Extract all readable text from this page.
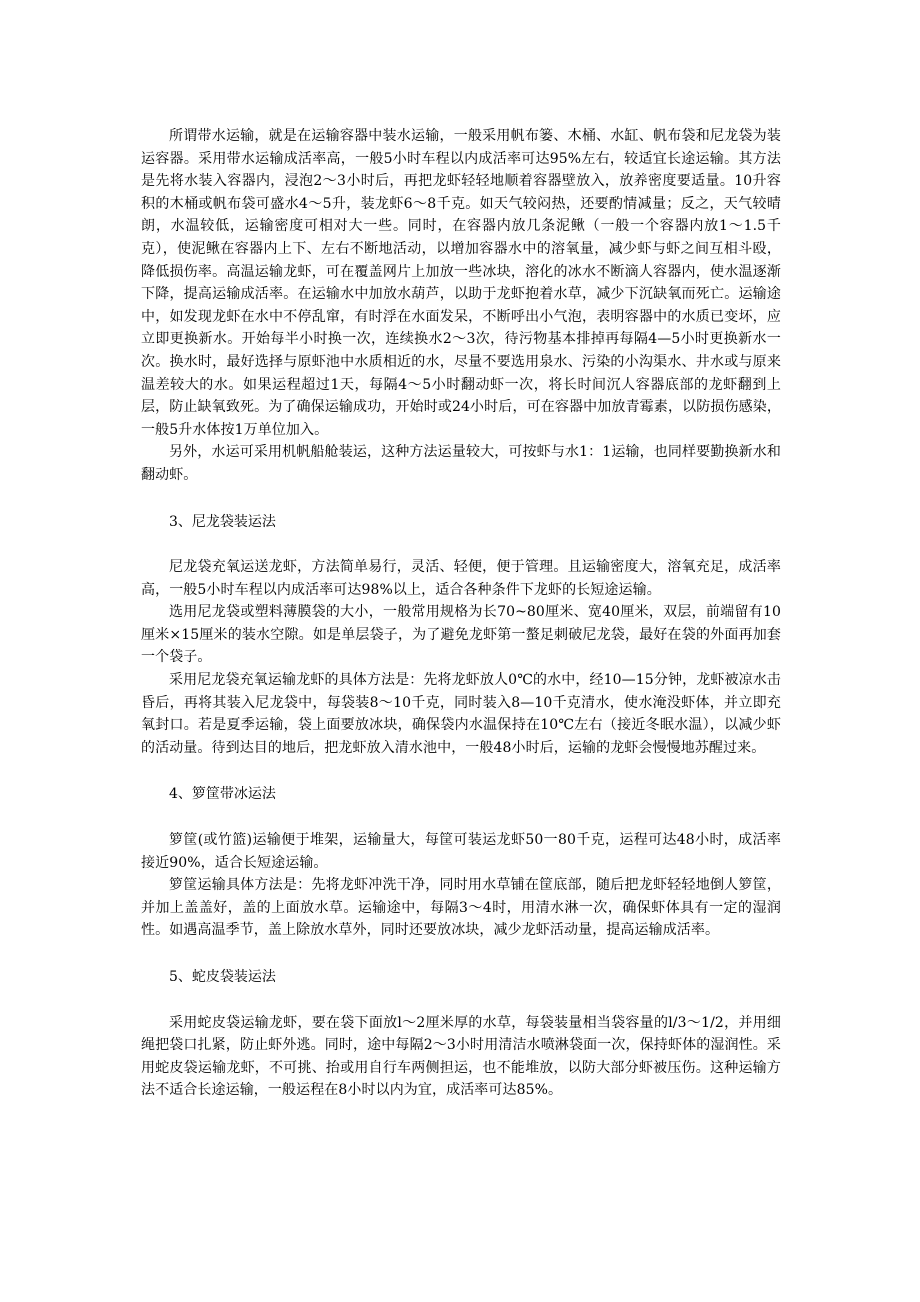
所谓带水运输，就是在运输容器中装水运输，一般采用帆布篓、木桶、水缸、帆布袋和尼龙袋为装运容器。采用带水运输成活率高，一般5小时车程以内成活率可达95%左右，较适宜长途运输。其方法是先将水装入容器内，浸泡2～3小时后，再把龙虾轻轻地顺着容器壁放入，放养密度要适量。10升容积的木桶或帆布袋可盛水4～5升，装龙虾6～8千克。如天气较闷热，还要酌情减量；反之，天气较晴朗，水温较低，运输密度可相对大一些。同时，在容器内放几条泥鳅（一般一个容器内放1～1.5千克），使泥鳅在容器内上下、左右不断地活动，以增加容器水中的溶氧量，减少虾与虾之间互相斗殴，降低损伤率。高温运输龙虾，可在覆盖网片上加放一些冰块，溶化的冰水不断滴人容器内，使水温逐渐下降，提高运输成活率。在运输水中加放水葫芦，以助于龙虾抱着水草，减少下沉缺氧而死亡。运输途中，如发现龙虾在水中不停乱窜，有时浮在水面发呆，不断呼出小气泡，表明容器中的水质已变坏，应立即更换新水。开始每半小时换一次，连续换水2～3次，待污物基本排掉再每隔4—5小时更换新水一次。换水时，最好选择与原虾池中水质相近的水，尽量不要选用泉水、污染的小沟渠水、井水或与原来温差较大的水。如果运程超过1天，每隔4～5小时翻动虾一次，将长时间沉人容器底部的龙虾翻到上层，防止缺氧致死。为了确保运输成功，开始时或24小时后，可在容器中加放青霉素，以防损伤感染，一般5升水体按1万单位加入。

另外，水运可采用机帆船舱装运，这种方法运量较大，可按虾与水1：1运输，也同样要勤换新水和翻动虾。

3、尼龙袋装运法

尼龙袋充氧运送龙虾，方法简单易行，灵活、轻便，便于管理。且运输密度大，溶氧充足，成活率高，一般5小时车程以内成活率可达98%以上，适合各种条件下龙虾的长短途运输。

选用尼龙袋或塑料薄膜袋的大小，一般常用规格为长70~80厘米、宽40厘米，双层，前端留有10厘米×15厘米的装水空隙。如是单层袋子，为了避免龙虾第一螯足刺破尼龙袋，最好在袋的外面再加套一个袋子。

采用尼龙袋充氧运输龙虾的具体方法是：先将龙虾放人0℃的水中，经10—15分钟，龙虾被凉水击昏后，再将其装入尼龙袋中，每袋装8～10千克，同时装入8—10千克清水，使水淹没虾体，并立即充氧封口。若是夏季运输，袋上面要放冰块，确保袋内水温保持在10℃左右（接近冬眠水温），以减少虾的活动量。待到达目的地后，把龙虾放入清水池中，一般48小时后，运输的龙虾会慢慢地苏醒过来。

4、箩筐带冰运法

箩筐(或竹篮)运输便于堆架，运输量大，每筐可装运龙虾50一80千克，运程可达48小时，成活率接近90%，适合长短途运输。

箩筐运输具体方法是：先将龙虾冲洗干净，同时用水草铺在筐底部，随后把龙虾轻轻地倒人箩筐，并加上盖盖好，盖的上面放水草。运输途中，每隔3～4时，用清水淋一次，确保虾体具有一定的湿润性。如遇高温季节，盖上除放水草外，同时还要放冰块，减少龙虾活动量，提高运输成活率。

5、蛇皮袋装运法

采用蛇皮袋运输龙虾，要在袋下面放l～2厘米厚的水草，每袋装量相当袋容量的l/3～1/2，并用细绳把袋口扎紧，防止虾外逃。同时，途中每隔2～3小时用清洁水喷淋袋面一次，保持虾体的湿润性。采用蛇皮袋运输龙虾，不可挑、抬或用自行车两侧担运，也不能堆放，以防大部分虾被压伤。这种运输方法不适合长途运输，一般运程在8小时以内为宜，成活率可达85%。
